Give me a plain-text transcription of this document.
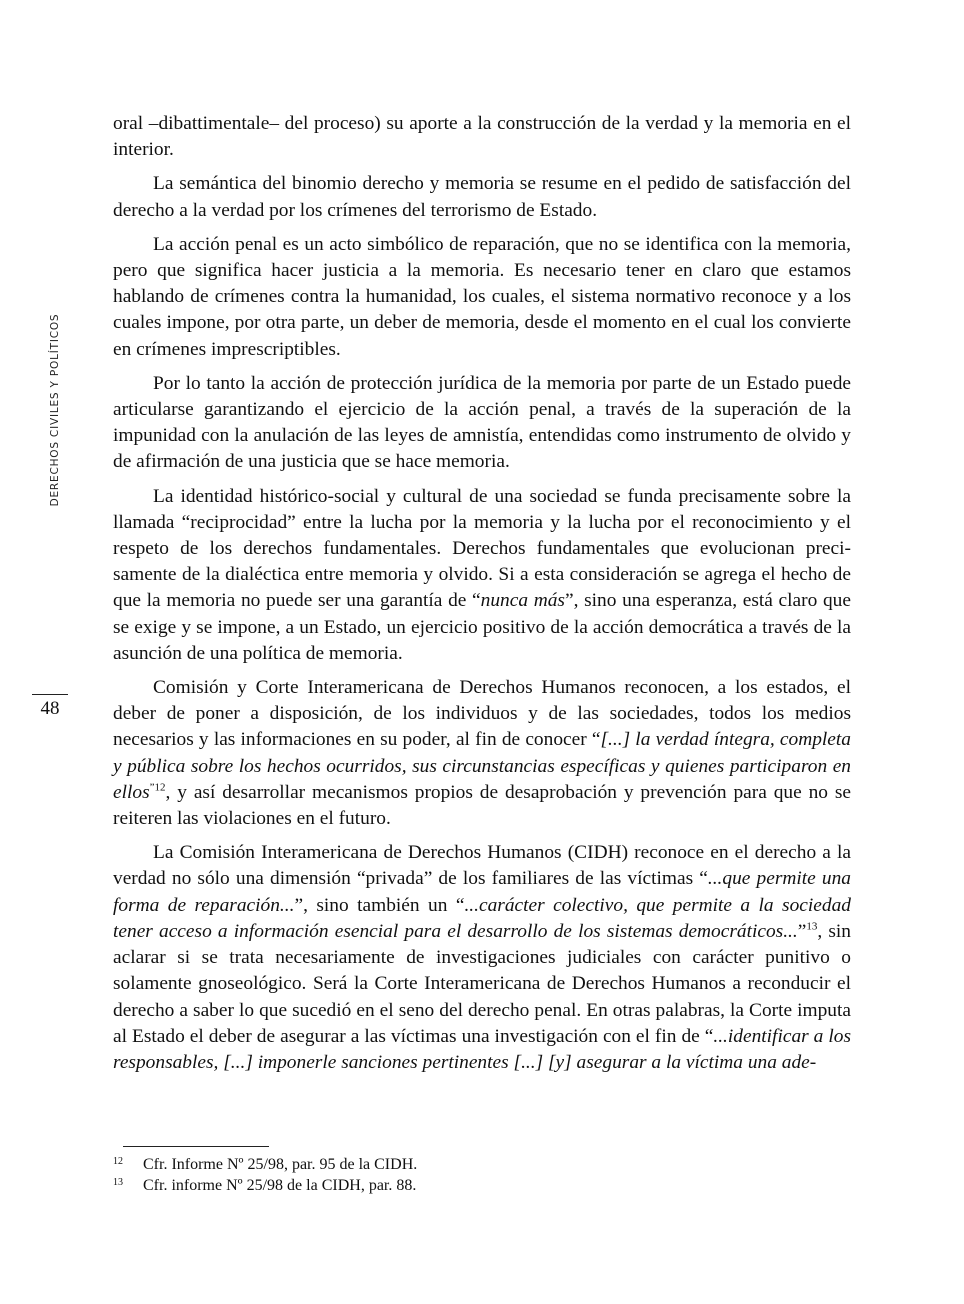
DERECHOS CIVILES Y POLÍTICOS
48

oral –dibattimentale– del proceso) su aporte a la construcción de la verdad y la memoria en el interior.

La semántica del binomio derecho y memoria se resume en el pedido de satisfacción del derecho a la verdad por los crímenes del terrorismo de Estado.

La acción penal es un acto simbólico de reparación, que no se identifica con la memoria, pero que significa hacer justicia a la memoria. Es necesario tener en claro que estamos hablando de crímenes contra la humanidad, los cuales, el sistema normativo reconoce y a los cuales impone, por otra parte, un deber de memoria, desde el momento en el cual los convierte en crímenes imprescriptibles.

Por lo tanto la acción de protección jurídica de la memoria por parte de un Estado puede articularse garantizando el ejercicio de la acción penal, a través de la superación de la impunidad con la anulación de las leyes de amnistía, entendidas como instrumento de olvido y de afirmación de una justicia que se hace memoria.

La identidad histórico-social y cultural de una sociedad se funda precisamente sobre la llamada “reciprocidad” entre la lucha por la memoria y la lucha por el reconocimiento y el respeto de los derechos fundamentales. Derechos fundamentales que evolucionan precisamente de la dialéctica entre memoria y olvido. Si a esta consideración se agrega el hecho de que la memoria no puede ser una garantía de “nunca más”, sino una esperanza, está claro que se exige y se impone, a un Estado, un ejercicio positivo de la acción democrática a través de la asunción de una política de memoria.

Comisión y Corte Interamericana de Derechos Humanos reconocen, a los estados, el deber de poner a disposición, de los individuos y de las sociedades, todos los medios necesarios y las informaciones en su poder, al fin de conocer “[...] la verdad íntegra, completa y pública sobre los hechos ocurridos, sus circunstancias específicas y quienes participaron en ellos$^{”12}$, y así desarrollar mecanismos propios de desaprobación y prevención para que no se reiteren las violaciones en el futuro.

La Comisión Interamericana de Derechos Humanos (CIDH) reconoce en el derecho a la verdad no sólo una dimensión “privada” de los familiares de las víctimas “...que permite una forma de reparación...”, sino también un “...carácter colectivo, que permite a la sociedad tener acceso a información esencial para el desarrollo de los sistemas democráticos...”$^{13}$, sin aclarar si se trata necesariamente de investigaciones judiciales con carácter punitivo o solamente gnoseológico. Será la Corte Interamericana de Derechos Humanos a reconducir el derecho a saber lo que sucedió en el seno del derecho penal. En otras palabras, la Corte imputa al Estado el deber de asegurar a las víctimas una investigación con el fin de “...identificar a los responsables, [...] imponerle sanciones pertinentes [...] [y] asegurar a la víctima una ade-

12 Cfr. Informe Nº 25/98, par. 95 de la CIDH.
13 Cfr. informe Nº 25/98 de la CIDH, par. 88.
